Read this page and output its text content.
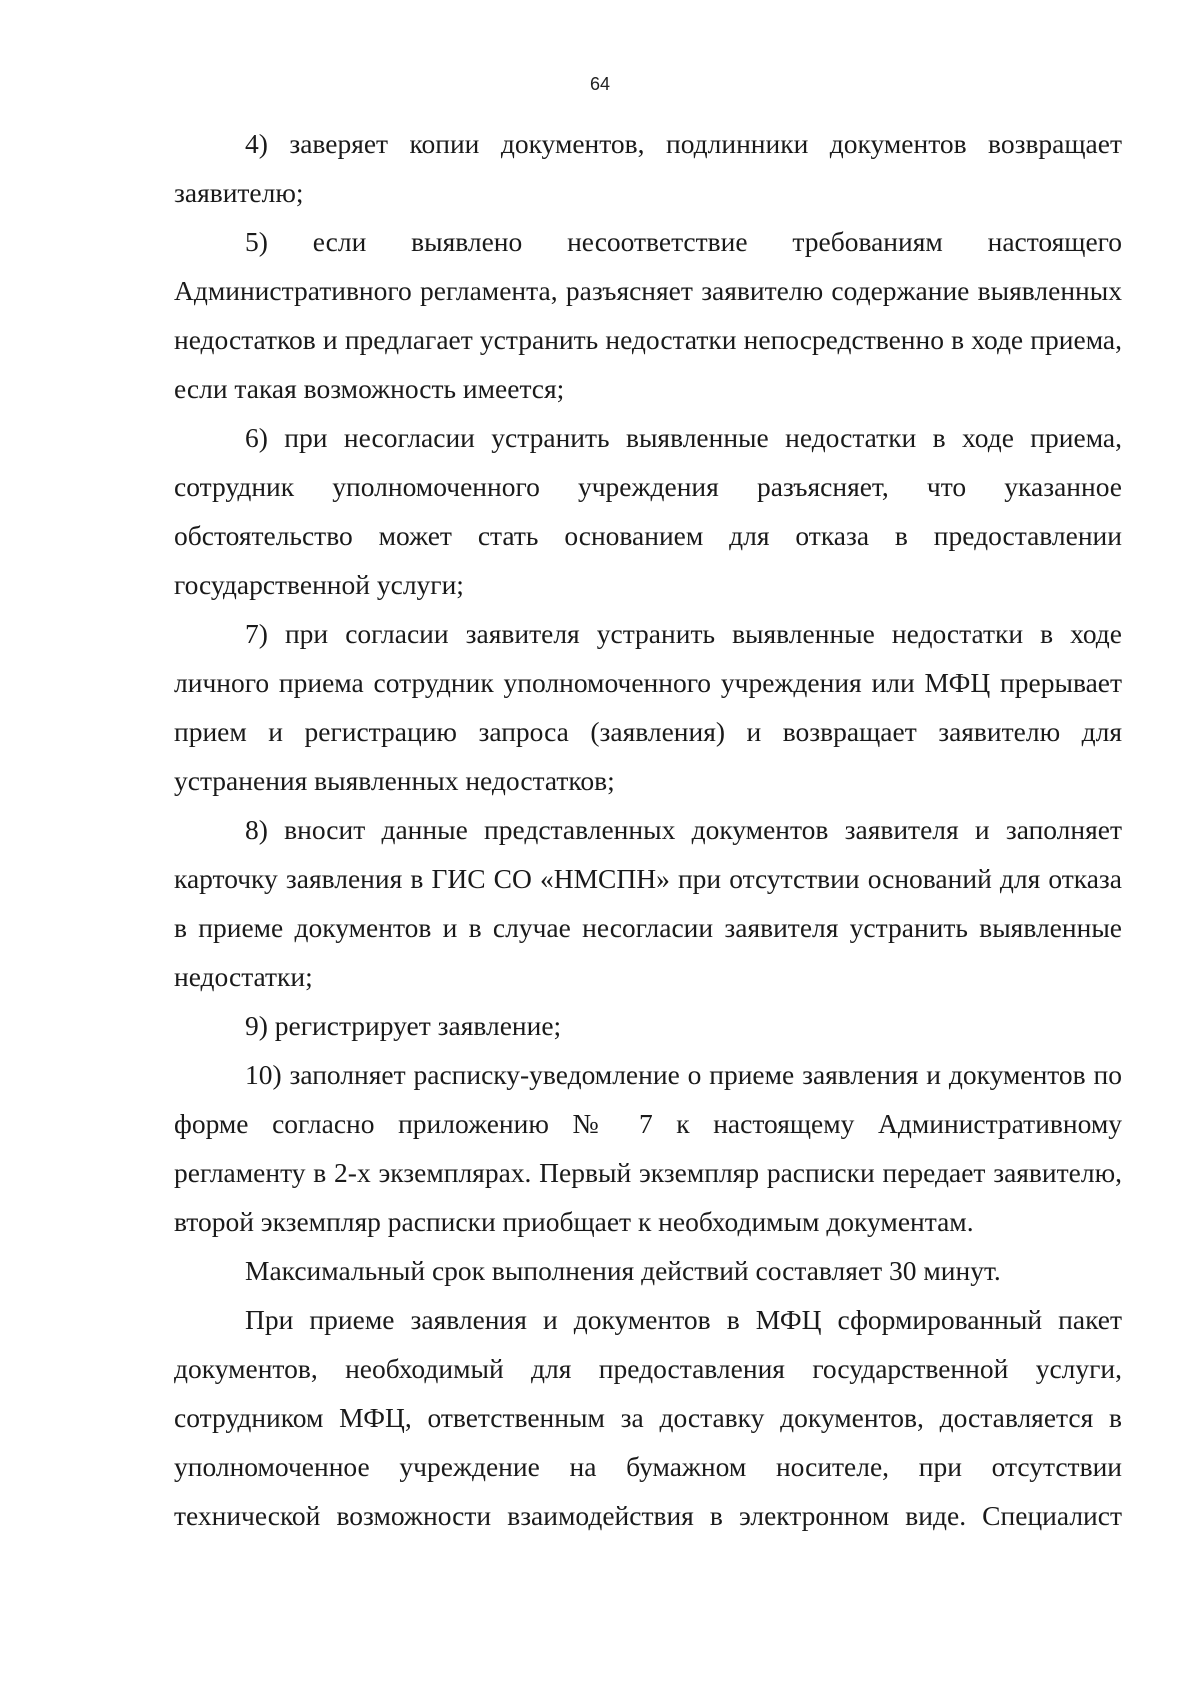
64

4) заверяет копии документов, подлинники документов возвращает заявителю;

5) если выявлено несоответствие требованиям настоящего Административного регламента, разъясняет заявителю содержание выявленных недостатков и предлагает устранить недостатки непосредственно в ходе приема, если такая возможность имеется;

6) при несогласии устранить выявленные недостатки в ходе приема, сотрудник уполномоченного учреждения разъясняет, что указанное обстоятельство может стать основанием для отказа в предоставлении государственной услуги;

7) при согласии заявителя устранить выявленные недостатки в ходе личного приема сотрудник уполномоченного учреждения или МФЦ прерывает прием и регистрацию запроса (заявления) и возвращает заявителю для устранения выявленных недостатков;

8) вносит данные представленных документов заявителя и заполняет карточку заявления в ГИС СО «НМСПН» при отсутствии оснований для отказа в приеме документов и в случае несогласии заявителя устранить выявленные недостатки;

9) регистрирует заявление;

10) заполняет расписку-уведомление о приеме заявления и документов по форме согласно приложению № 7 к настоящему Административному регламенту в 2-х экземплярах. Первый экземпляр расписки передает заявителю, второй экземпляр расписки приобщает к необходимым документам.

Максимальный срок выполнения действий составляет 30 минут.

При приеме заявления и документов в МФЦ сформированный пакет документов, необходимый для предоставления государственной услуги, сотрудником МФЦ, ответственным за доставку документов, доставляется в уполномоченное учреждение на бумажном носителе, при отсутствии технической возможности взаимодействия в электронном виде. Специалист
